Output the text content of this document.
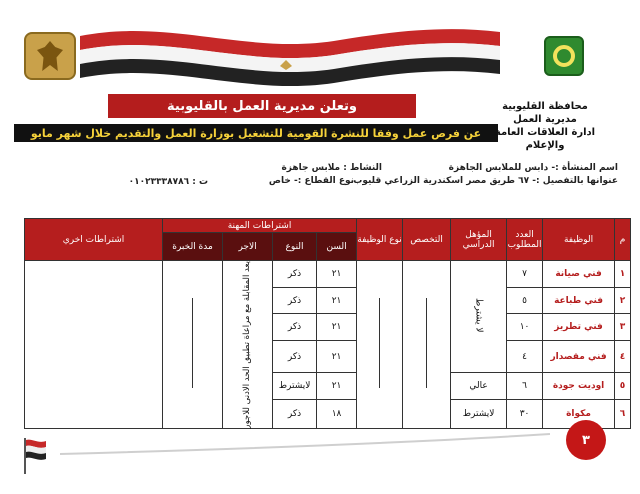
وتعلن مديرية العمل بالقليوبية
عن فرص عمل وفقا للنشرة القومية للتشغيل بوزارة العمل والتقديم خلال شهر مايو
محافظة القليوبية
مديرية العمل
ادارة العلاقات العامة والإعلام
اسم المنشأة :- دابس للملابس الجاهزة
عنوانها بالتفصيل :- ٦٧ طريق مصر اسكندرية الزراعي قليوب
النشاط : ملابس جاهزة
نوع القطاع :- خاص
ت : ٠١٠٢٣٣٣٨٧٨٦
م	الوظيفة	العدد المطلوب	المؤهل الدراسي	التخصص	نوع الوظيفة	اشتراطات المهنة				اشتراطات اخري
						السن	النوع	الاجر	مدة الخبرة	
١	فني صيانة	٧	لا يشترط			٢١	ذكر	يعد المقابلة مع مراعاة تطبيق الحد الادنى للاجور		

٢	فني طباعة	٥				٢١	ذكر			
٣	فني تطريز	١٠				٢١	ذكر			
٤	فني مقصدار	٤				٢١	ذكر			
٥	اوديت جودة	٦	عالي			٢١	لايشترط			
٦	مكواة	٣٠	لايشترط			١٨	ذكر			
٣
